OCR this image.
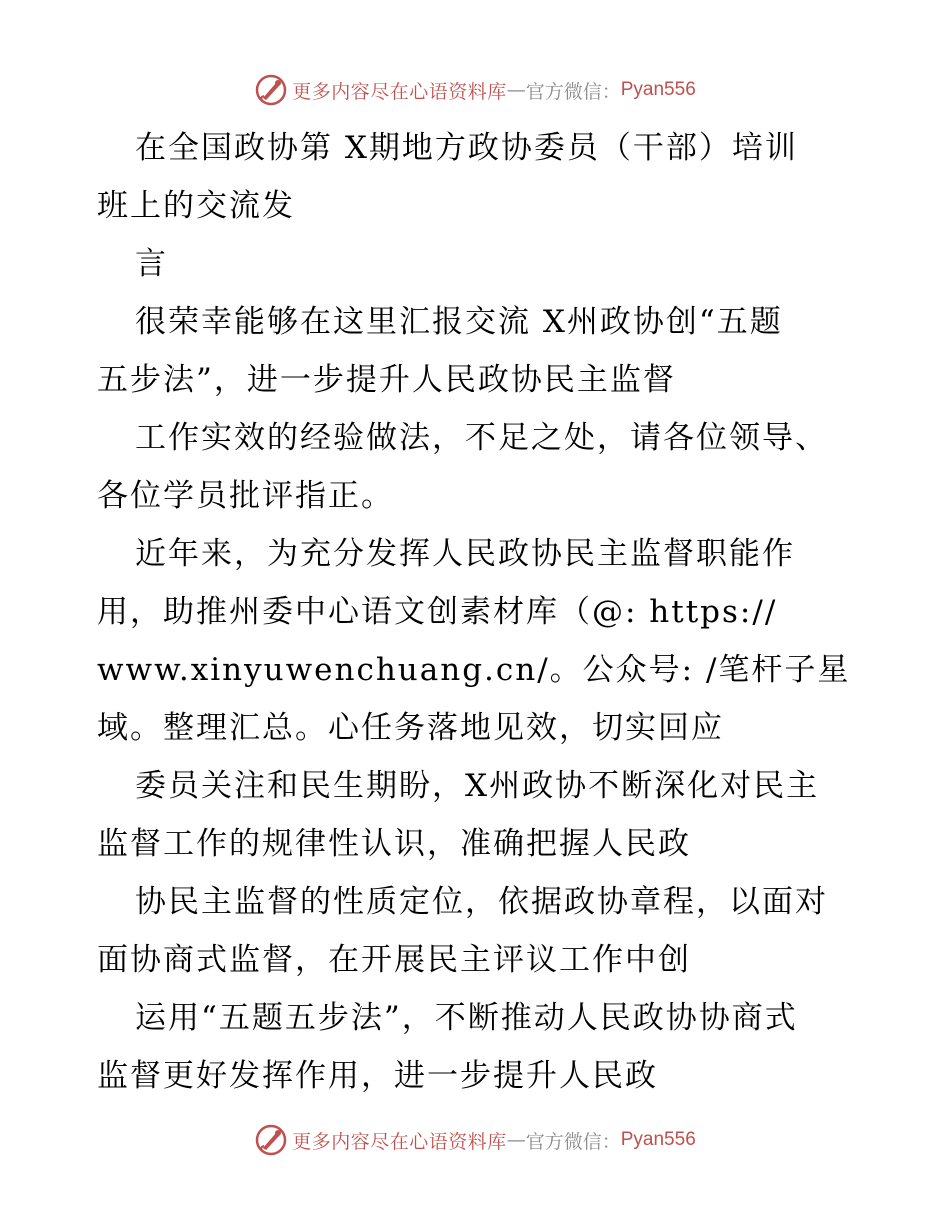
更多内容尽在心语资料库 — 官方微信： Pyan556
在全国政协第 X期地方政协委员（干部）培训
班上的交流发
言
很荣幸能够在这里汇报交流 X州政协创“五题
五步法”，进一步提升人民政协民主监督
工作实效的经验做法，不足之处，请各位领导、
各位学员批评指正。
近年来，为充分发挥人民政协民主监督职能作
用，助推州委中心语文创素材库（@: https://
www.xinyuwenchuang.cn/。公众号: /笔杆子星
域。整理汇总。心任务落地见效，切实回应
委员关注和民生期盼，X州政协不断深化对民主
监督工作的规律性认识，准确把握人民政
协民主监督的性质定位，依据政协章程，以面对
面协商式监督，在开展民主评议工作中创
运用“五题五步法”，不断推动人民政协协商式
监督更好发挥作用，进一步提升人民政
更多内容尽在心语资料库 — 官方微信： Pyan556
